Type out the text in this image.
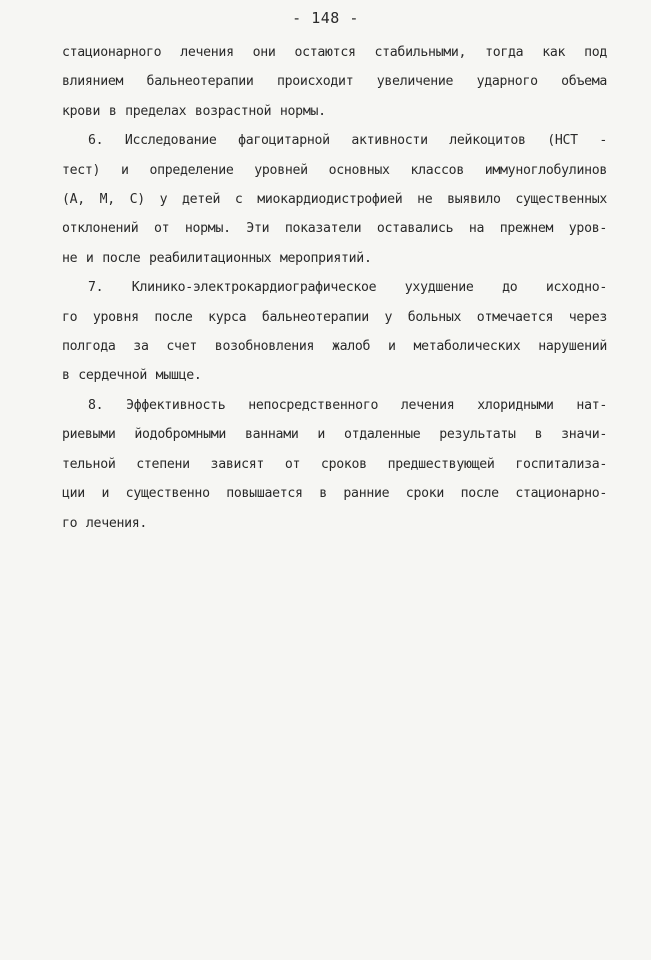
- 148 -
стационарного лечения они остаются стабильными, тогда как под
влиянием бальнеотерапии происходит увеличение ударного объема
крови в пределах возрастной нормы.
6. Исследование фагоцитарной активности лейкоцитов (НСТ -
тест) и определение уровней основных классов иммуноглобулинов
(А, М, С) у детей с миокардиодистрофией не выявило существенных
отклонений от нормы. Эти показатели оставались на прежнем уров-
не и после реабилитационных мероприятий.
7. Клинико-электрокардиографическое ухудшение до исходно-
го уровня после курса бальнеотерапии у больных отмечается через
полгода за счет возобновления жалоб и метаболических нарушений
в сердечной мышце.
8. Эффективность непосредственного лечения хлоридными нат-
риевыми йодобромными ваннами и отдаленные результаты в значи-
тельной степени зависят от сроков предшествующей госпитализа-
ции и существенно повышается в ранние сроки после стационарно-
го лечения.
